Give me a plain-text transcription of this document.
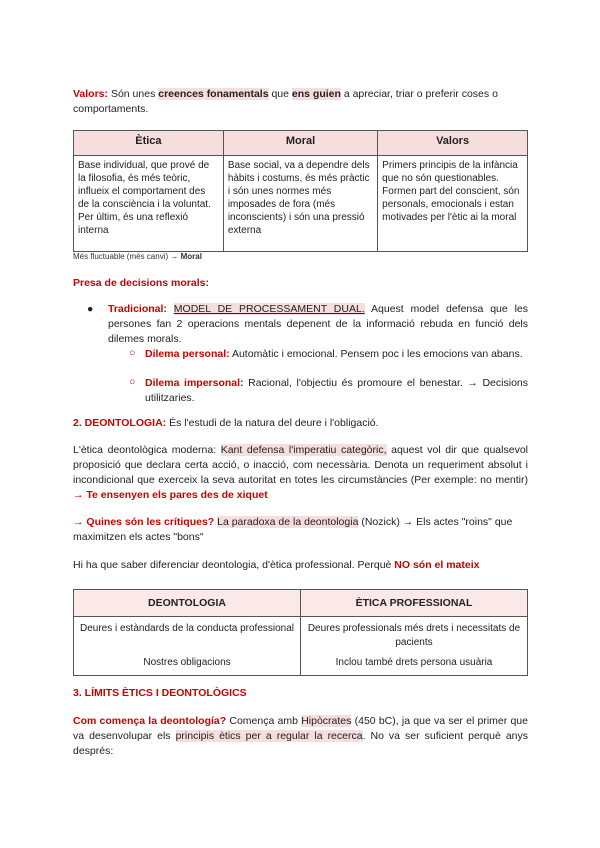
Valors: Són unes creences fonamentals que ens guien a apreciar, triar o preferir coses o comportaments.

Ètica	Moral	Valors
Base individual, que prové de la filosofia, és més teòric, influeix el comportament des de la consciència i la voluntat. Per últim, és una reflexió interna	Base social, va a dependre dels hàbits i costums, és més pràctic i són unes normes més imposades de fora (més inconscients) i són una pressió externa	Primers principis de la infància que no són questionables. Formen part del conscient, són personals, emocionals i estan motivades per l'ètic ai la moral

Més fluctuable (més canvi) → Moral

Presa de decisions morals:

● Tradicional: MODEL DE PROCESSAMENT DUAL. Aquest model defensa que les persones fan 2 operacions mentals depenent de la informació rebuda en funció dels dilemes morals.

○ Dilema personal: Automàtic i emocional. Pensem poc i les emocions van abans.

○ Dilema impersonal: Racional, l'objectiu és promoure el benestar. → Decisions utilitzaries.

2. DEONTOLOGIA: És l'estudi de la natura del deure i l'obligació.

L'ètica deontològica moderna: Kant defensa l'imperatiu categòric, aquest vol dir que qualsevol proposició que declara certa acció, o inacció, com necessària. Denota un requeriment absolut i incondicional que exerceix la seva autoritat en totes les circumstàncies (Per exemple: no mentir) → Te ensenyen els pares des de xiquet

→ Quines són les crítiques? La paradoxa de la deontologia (Nozick) → Els actes "roins" que maximitzen els actes "bons"

Hi ha que saber diferenciar deontologia, d'ètica professional. Perquè NO són el mateix

DEONTOLOGIA	ÈTICA PROFESSIONAL
Deures i estàndards de la conducta professional	Deures professionals més drets i necessitats de pacients
Nostres obligacions	Inclou també drets persona usuària

3. LÍMITS ÈTICS I DEONTOLÒGICS

Com comença la deontología? Comença amb Hipòcrates (450 bC), ja que va ser el primer que va desenvolupar els principis ètics per a regular la recerca. No va ser suficient perquè anys després:
